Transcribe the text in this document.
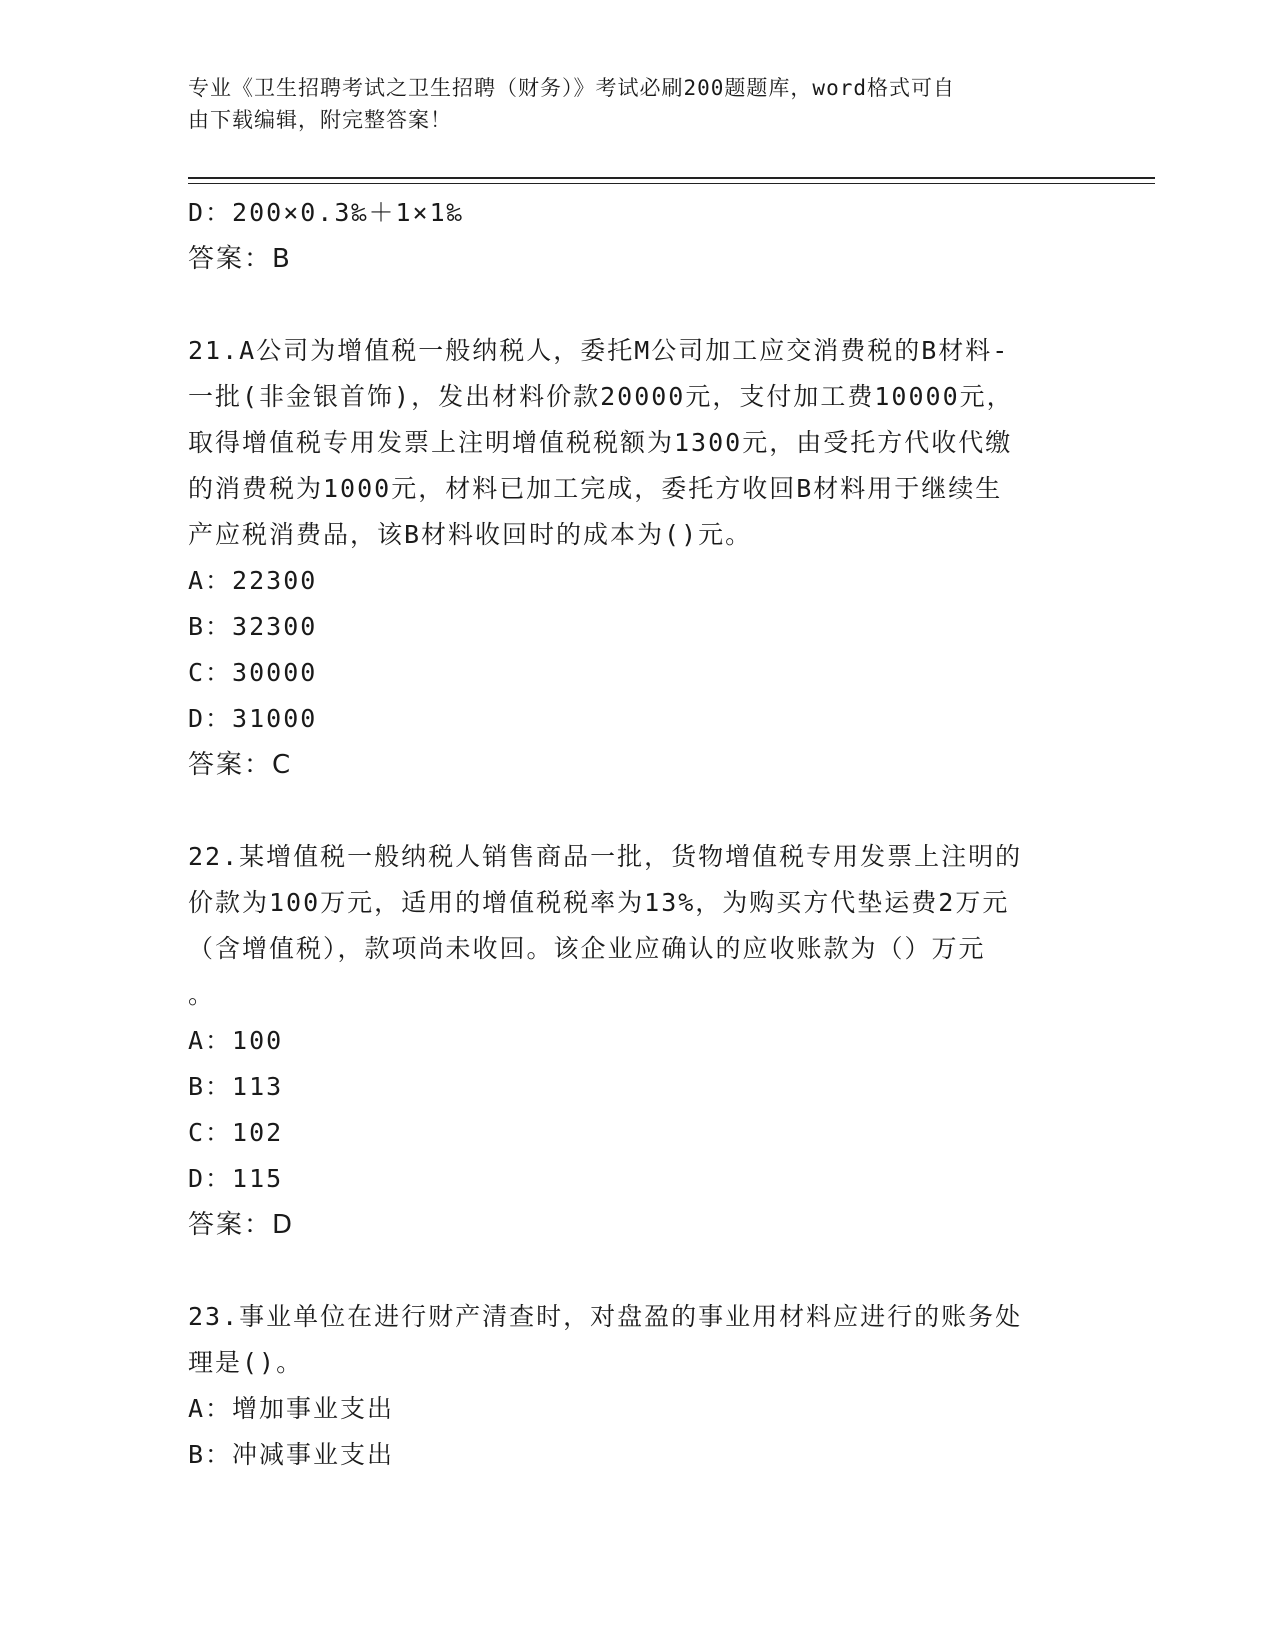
专业《卫生招聘考试之卫生招聘（财务）》考试必刷200题题库，word格式可自
由下载编辑，附完整答案！
D：200×0.3‰＋1×1‰
答案：B
21.A公司为增值税一般纳税人，委托M公司加工应交消费税的B材料-
一批(非金银首饰)，发出材料价款20000元，支付加工费10000元，
取得增值税专用发票上注明增值税税额为1300元，由受托方代收代缴
的消费税为1000元，材料已加工完成，委托方收回B材料用于继续生
产应税消费品，该B材料收回时的成本为()元。
A：22300
B：32300
C：30000
D：31000
答案：C
22.某增值税一般纳税人销售商品一批，货物增值税专用发票上注明的
价款为100万元，适用的增值税税率为13%，为购买方代垫运费2万元
（含增值税），款项尚未收回。该企业应确认的应收账款为（）万元
。
A：100
B：113
C：102
D：115
答案：D
23.事业单位在进行财产清查时，对盘盈的事业用材料应进行的账务处
理是()。
A：增加事业支出
B：冲减事业支出
